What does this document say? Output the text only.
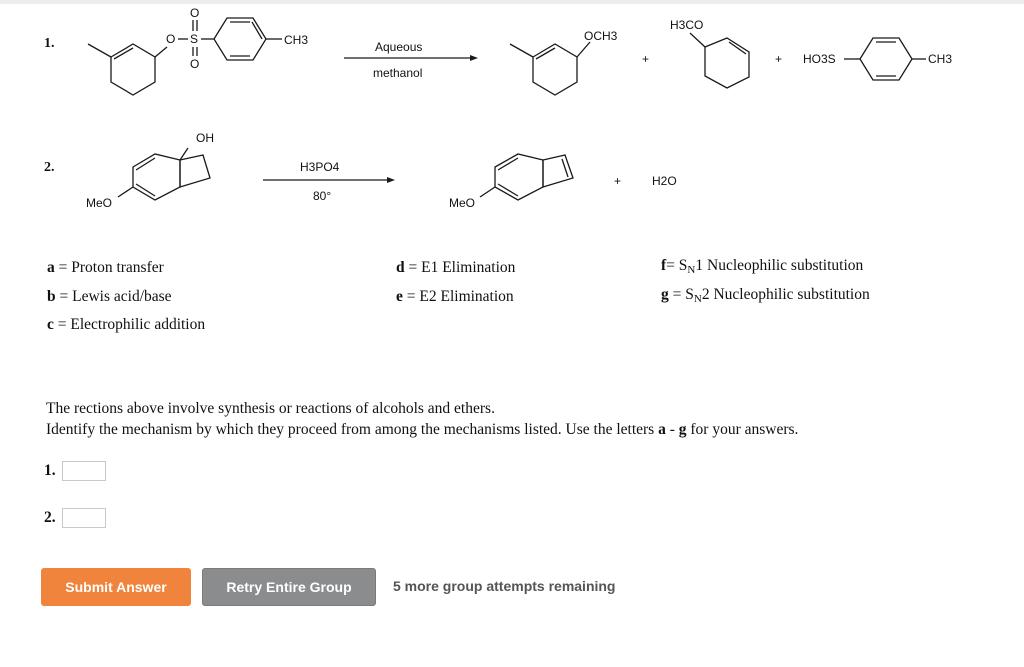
1.	O S
O
O
CH3	Aqueous
methanol
OCH3
+
H3CO
+ HO3S	CH3
2.
OH
MeO
H3PO4
80°	MeO
+	H2O
a = Proton transfer
b = Lewis acid/base
c = Electrophilic addition
d = E1 Elimination
e = E2 Elimination
f= SN1 Nucleophilic substitution
g = SN2 Nucleophilic substitution
The rections above involve synthesis or reactions of alcohols and ethers.
Identify the mechanism by which they proceed from among the mechanisms listed. Use the letters a - g for your answers.
1.
2.
Submit Answer	Retry Entire Group	5 more group attempts remaining
